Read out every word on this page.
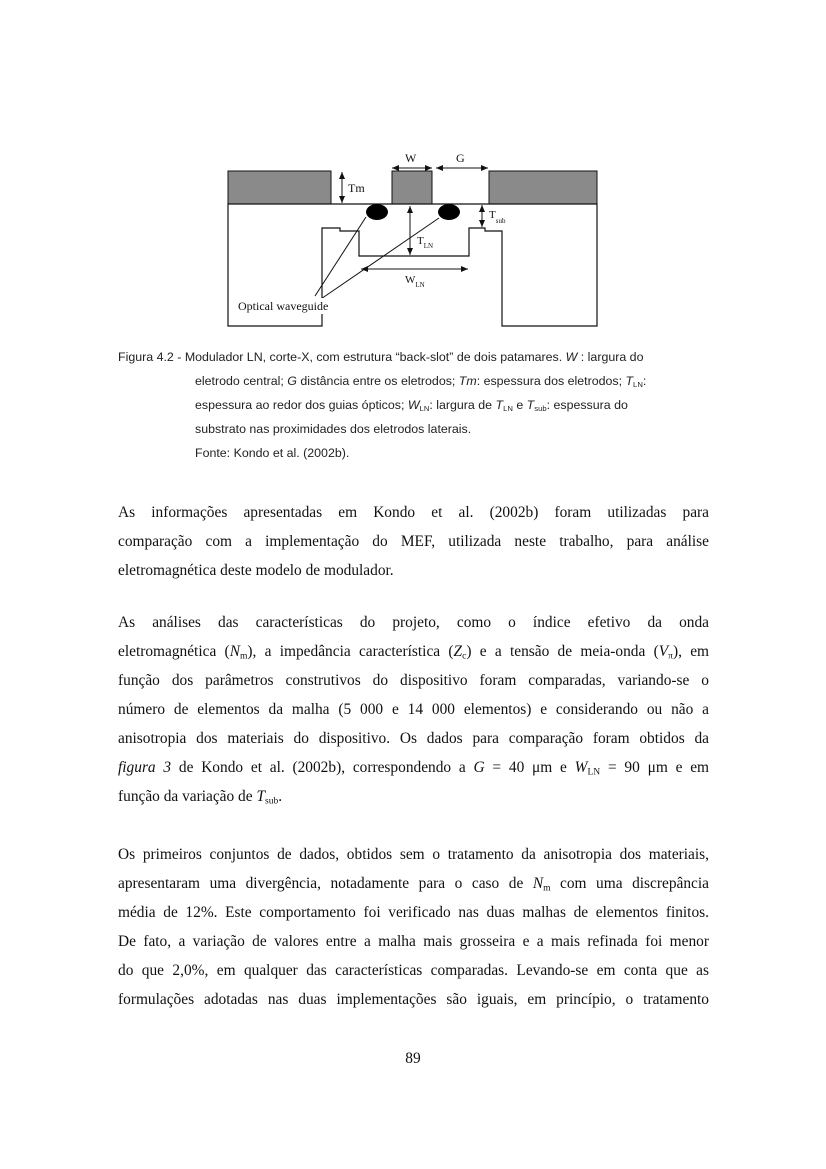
W	G
Tm
$T_{sub}$
$T_{LN}$
$W_{LN}$
Optical waveguide
Figura 4.2 - Modulador LN, corte-X, com estrutura “back-slot” de dois patamares. W : largura do
eletrodo central; G distância entre os eletrodos; Tm: espessura dos eletrodos; $T_{LN}$:
espessura ao redor dos guias ópticos; $W_{LN}$: largura de $T_{LN}$ e $T_{sub}$: espessura do
substrato nas proximidades dos eletrodos laterais.
Fonte: Kondo et al. (2002b).
As informações apresentadas em Kondo et al. (2002b) foram utilizadas para
comparação com a implementação do MEF, utilizada neste trabalho, para análise
eletromagnética deste modelo de modulador.
As análises das características do projeto, como o índice efetivo da onda
eletromagnética $(N_m)$, a impedância característica $(Z_c)$ e a tensão de meia-onda $(V_\pi)$, em
função dos parâmetros construtivos do dispositivo foram comparadas, variando-se o
número de elementos da malha (5 000 e 14 000 elementos) e considerando ou não a
anisotropia dos materiais do dispositivo. Os dados para comparação foram obtidos da
figura 3 de Kondo et al. (2002b), correspondendo a G = 40 μm e $W_{LN} = 90$ μm e em
função da variação de $T_{sub}$.
Os primeiros conjuntos de dados, obtidos sem o tratamento da anisotropia dos materiais,
apresentaram uma divergência, notadamente para o caso de $N_m$ com uma discrepância
média de 12%. Este comportamento foi verificado nas duas malhas de elementos finitos.
De fato, a variação de valores entre a malha mais grosseira e a mais refinada foi menor
do que 2,0%, em qualquer das características comparadas. Levando-se em conta que as
formulações adotadas nas duas implementações são iguais, em princípio, o tratamento
89
